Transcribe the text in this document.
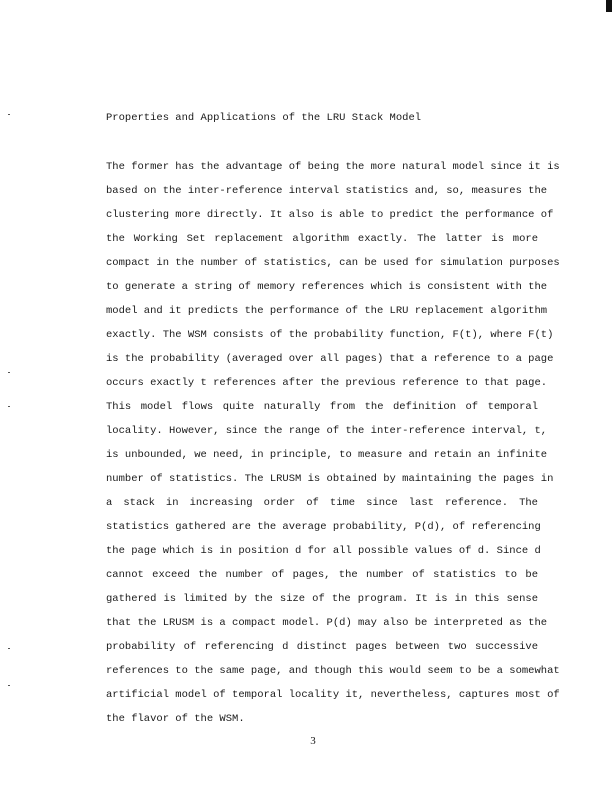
Properties and Applications of the LRU Stack Model
The former has the advantage of being the more natural model since it is
based on the inter-reference interval statistics and, so, measures the
clustering more directly. It also is able to predict the performance of
the Working Set replacement algorithm exactly. The latter is more
compact in the number of statistics, can be used for simulation purposes
to generate a string of memory references which is consistent with the
model and it predicts the performance of the LRU replacement algorithm
exactly. The WSM consists of the probability function, F(t), where F(t)
is the probability (averaged over all pages) that a reference to a page
occurs exactly t references after the previous reference to that page.
This model flows quite naturally from the definition of temporal
locality. However, since the range of the inter-reference interval, t,
is unbounded, we need, in principle, to measure and retain an infinite
number of statistics. The LRUSM is obtained by maintaining the pages in
a stack in increasing order of time since last reference. The
statistics gathered are the average probability, P(d), of referencing
the page which is in position d for all possible values of d. Since d
cannot exceed the number of pages, the number of statistics to be
gathered is limited by the size of the program. It is in this sense
that the LRUSM is a compact model. P(d) may also be interpreted as the
probability of referencing d distinct pages between two successive
references to the same page, and though this would seem to be a somewhat
artificial model of temporal locality it, nevertheless, captures most of
the flavor of the WSM.
3
